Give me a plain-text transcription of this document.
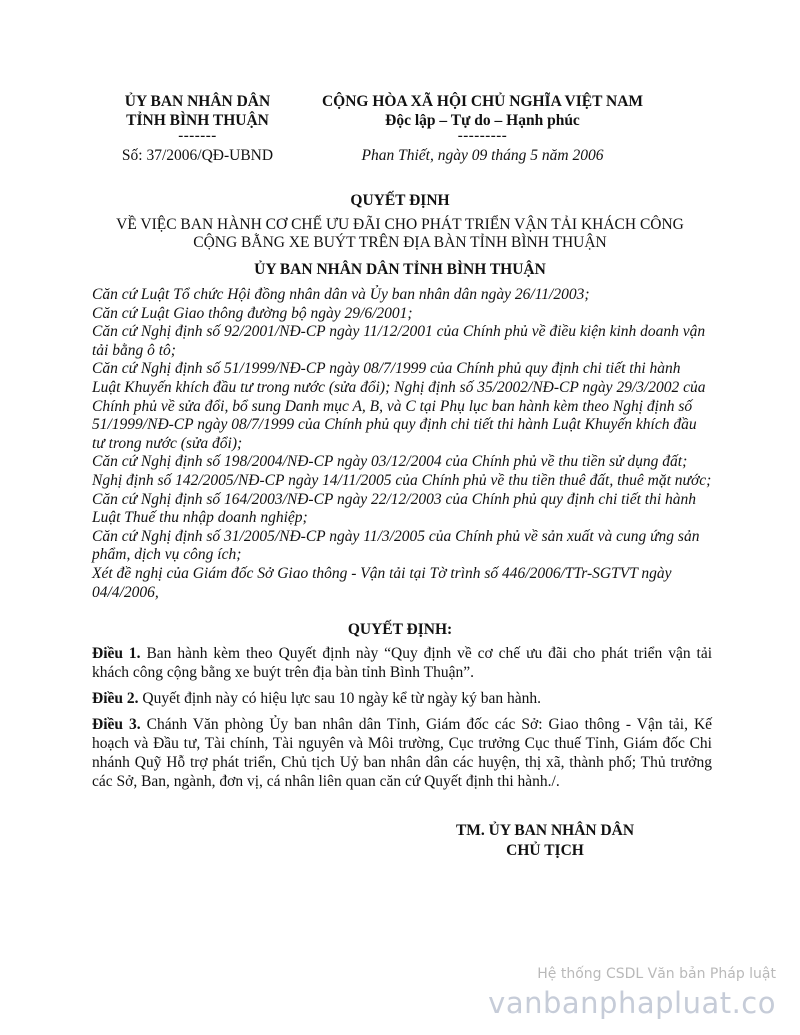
ỦY BAN NHÂN DÂN
TỈNH BÌNH THUẬN
-------
Số: 37/2006/QĐ-UBND
CỘNG HÒA XÃ HỘI CHỦ NGHĨA VIỆT NAM
Độc lập – Tự do – Hạnh phúc
---------
Phan Thiết, ngày 09 tháng 5 năm 2006
QUYẾT ĐỊNH
VỀ VIỆC BAN HÀNH CƠ CHẾ ƯU ĐÃI CHO PHÁT TRIỂN VẬN TẢI KHÁCH CÔNG CỘNG BẰNG XE BUÝT TRÊN ĐỊA BÀN TỈNH BÌNH THUẬN
ỦY BAN NHÂN DÂN TỈNH BÌNH THUẬN

Căn cứ Luật Tổ chức Hội đồng nhân dân và Ủy ban nhân dân ngày 26/11/2003;

Căn cứ Luật Giao thông đường bộ ngày 29/6/2001;

Căn cứ Nghị định số 92/2001/NĐ-CP ngày 11/12/2001 của Chính phủ về điều kiện kinh doanh vận tải bằng ô tô;

Căn cứ Nghị định số 51/1999/NĐ-CP ngày 08/7/1999 của Chính phủ quy định chi tiết thi hành Luật Khuyến khích đầu tư trong nước (sửa đổi); Nghị định số 35/2002/NĐ-CP ngày 29/3/2002 của Chính phủ về sửa đổi, bổ sung Danh mục A, B, và C tại Phụ lục ban hành kèm theo Nghị định số 51/1999/NĐ-CP ngày 08/7/1999 của Chính phủ quy định chi tiết thi hành Luật Khuyến khích đầu tư trong nước (sửa đổi);

Căn cứ Nghị định số 198/2004/NĐ-CP ngày 03/12/2004 của Chính phủ về thu tiền sử dụng đất; Nghị định số 142/2005/NĐ-CP ngày 14/11/2005 của Chính phủ về thu tiền thuê đất, thuê mặt nước;

Căn cứ Nghị định số 164/2003/NĐ-CP ngày 22/12/2003 của Chính phủ quy định chi tiết thi hành Luật Thuế thu nhập doanh nghiệp;

Căn cứ Nghị định số 31/2005/NĐ-CP ngày 11/3/2005 của Chính phủ về sản xuất và cung ứng sản phẩm, dịch vụ công ích;

Xét đề nghị của Giám đốc Sở Giao thông - Vận tải tại Tờ trình số 446/2006/TTr-SGTVT ngày 04/4/2006,

QUYẾT ĐỊNH:

Điều 1. Ban hành kèm theo Quyết định này “Quy định về cơ chế ưu đãi cho phát triển vận tải khách công cộng bằng xe buýt trên địa bàn tỉnh Bình Thuận”.

Điều 2. Quyết định này có hiệu lực sau 10 ngày kể từ ngày ký ban hành.

Điều 3. Chánh Văn phòng Ủy ban nhân dân Tỉnh, Giám đốc các Sở: Giao thông - Vận tải, Kế hoạch và Đầu tư, Tài chính, Tài nguyên và Môi trường, Cục trưởng Cục thuế Tỉnh, Giám đốc Chi nhánh Quỹ Hỗ trợ phát triển, Chủ tịch Uỷ ban nhân dân các huyện, thị xã, thành phố; Thủ trưởng các Sở, Ban, ngành, đơn vị, cá nhân liên quan căn cứ Quyết định thi hành./.

TM. ỦY BAN NHÂN DÂN
CHỦ TỊCH
Hệ thống CSDL Văn bản Pháp luật
vanbanphapluat.co
